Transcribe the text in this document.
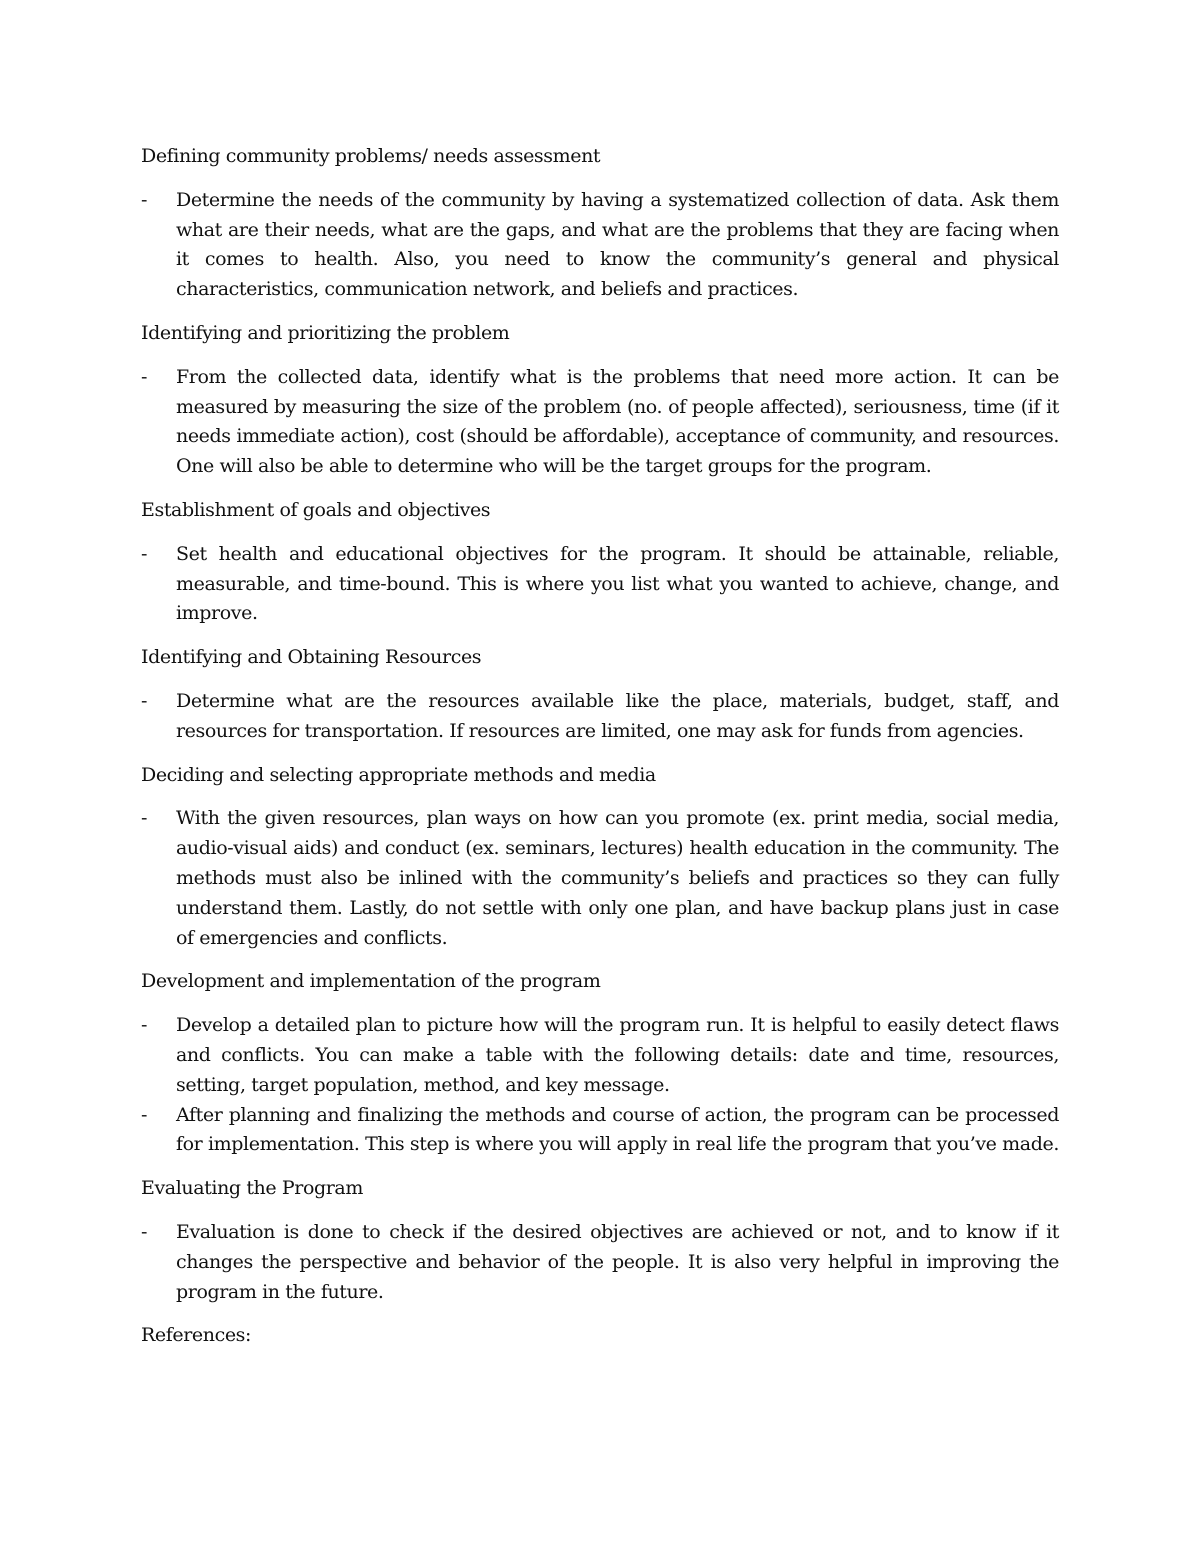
Defining community problems/ needs assessment
- Determine the needs of the community by having a systematized collection of data. Ask them what are their needs, what are the gaps, and what are the problems that they are facing when it comes to health. Also, you need to know the community’s general and physical characteristics, communication network, and beliefs and practices.
Identifying and prioritizing the problem
- From the collected data, identify what is the problems that need more action. It can be measured by measuring the size of the problem (no. of people affected), seriousness, time (if it needs immediate action), cost (should be affordable), acceptance of community, and resources. One will also be able to determine who will be the target groups for the program.
Establishment of goals and objectives
- Set health and educational objectives for the program. It should be attainable, reliable, measurable, and time-bound. This is where you list what you wanted to achieve, change, and improve.
Identifying and Obtaining Resources
- Determine what are the resources available like the place, materials, budget, staff, and resources for transportation. If resources are limited, one may ask for funds from agencies.
Deciding and selecting appropriate methods and media
- With the given resources, plan ways on how can you promote (ex. print media, social media, audio-visual aids) and conduct (ex. seminars, lectures) health education in the community. The methods must also be inlined with the community’s beliefs and practices so they can fully understand them. Lastly, do not settle with only one plan, and have backup plans just in case of emergencies and conflicts.
Development and implementation of the program
- Develop a detailed plan to picture how will the program run. It is helpful to easily detect flaws and conflicts. You can make a table with the following details: date and time, resources, setting, target population, method, and key message.
- After planning and finalizing the methods and course of action, the program can be processed for implementation. This step is where you will apply in real life the program that you’ve made.
Evaluating the Program
- Evaluation is done to check if the desired objectives are achieved or not, and to know if it changes the perspective and behavior of the people. It is also very helpful in improving the program in the future.
References:
